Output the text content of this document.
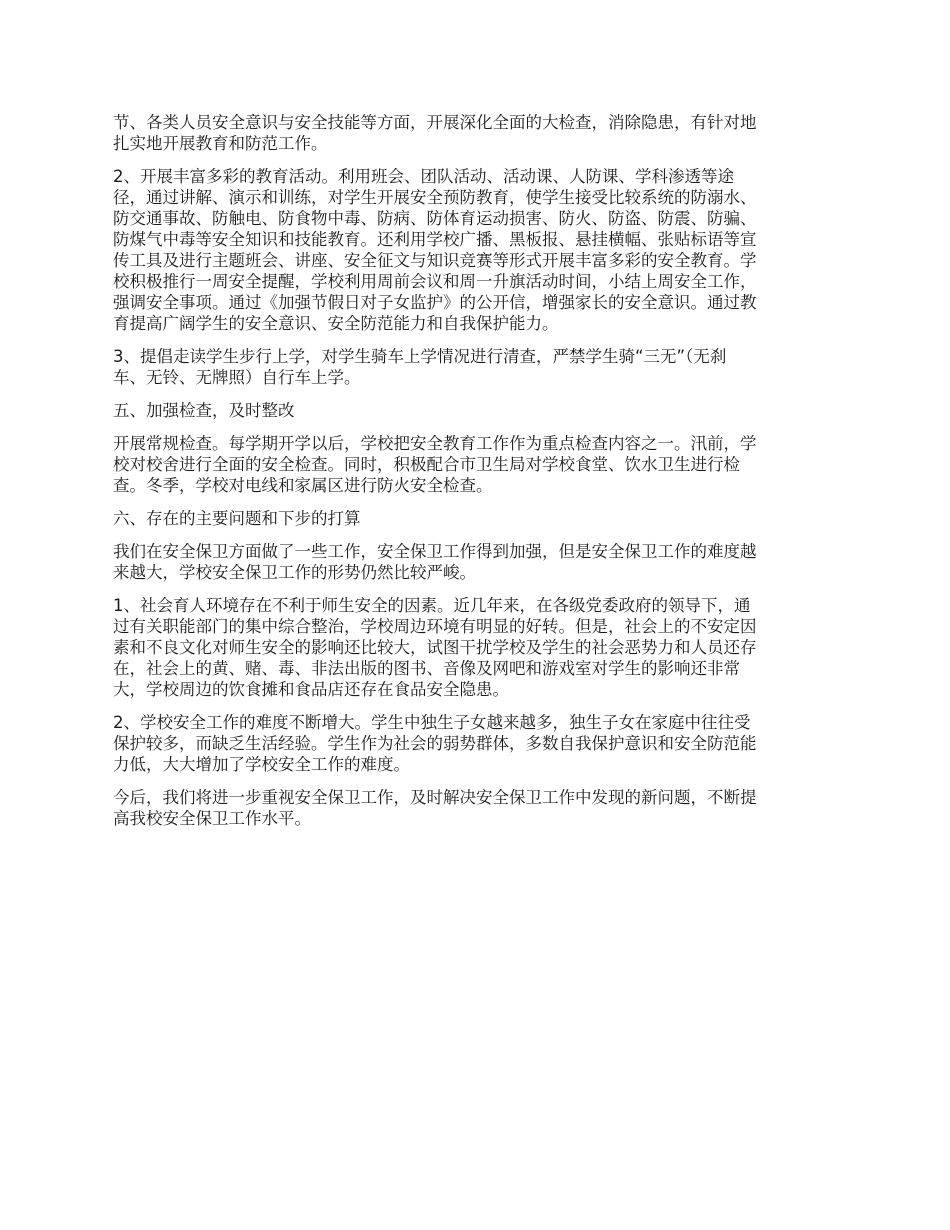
节、各类人员安全意识与安全技能等方面，开展深化全面的大检查，消除隐患，有针对地
扎实地开展教育和防范工作。
2、开展丰富多彩的教育活动。利用班会、团队活动、活动课、人防课、学科渗透等途
径，通过讲解、演示和训练，对学生开展安全预防教育，使学生接受比较系统的防溺水、
防交通事故、防触电、防食物中毒、防病、防体育运动损害、防火、防盗、防震、防骗、
防煤气中毒等安全知识和技能教育。还利用学校广播、黑板报、悬挂横幅、张贴标语等宣
传工具及进行主题班会、讲座、安全征文与知识竞赛等形式开展丰富多彩的安全教育。学
校积极推行一周安全提醒，学校利用周前会议和周一升旗活动时间，小结上周安全工作，
强调安全事项。通过《加强节假日对子女监护》的公开信，增强家长的安全意识。通过教
育提高广阔学生的安全意识、安全防范能力和自我保护能力。
3、提倡走读学生步行上学，对学生骑车上学情况进行清查，严禁学生骑“三无”（无刹
车、无铃、无牌照）自行车上学。
五、加强检查，及时整改
开展常规检查。每学期开学以后，学校把安全教育工作作为重点检查内容之一。汛前，学
校对校舍进行全面的安全检查。同时，积极配合市卫生局对学校食堂、饮水卫生进行检
查。冬季，学校对电线和家属区进行防火安全检查。
六、存在的主要问题和下步的打算
我们在安全保卫方面做了一些工作，安全保卫工作得到加强，但是安全保卫工作的难度越
来越大，学校安全保卫工作的形势仍然比较严峻。
1、社会育人环境存在不利于师生安全的因素。近几年来，在各级党委政府的领导下，通
过有关职能部门的集中综合整治，学校周边环境有明显的好转。但是，社会上的不安定因
素和不良文化对师生安全的影响还比较大，试图干扰学校及学生的社会恶势力和人员还存
在，社会上的黄、赌、毒、非法出版的图书、音像及网吧和游戏室对学生的影响还非常
大，学校周边的饮食摊和食品店还存在食品安全隐患。
2、学校安全工作的难度不断增大。学生中独生子女越来越多，独生子女在家庭中往往受
保护较多，而缺乏生活经验。学生作为社会的弱势群体，多数自我保护意识和安全防范能
力低，大大增加了学校安全工作的难度。
今后，我们将进一步重视安全保卫工作，及时解决安全保卫工作中发现的新问题，不断提
高我校安全保卫工作水平。
